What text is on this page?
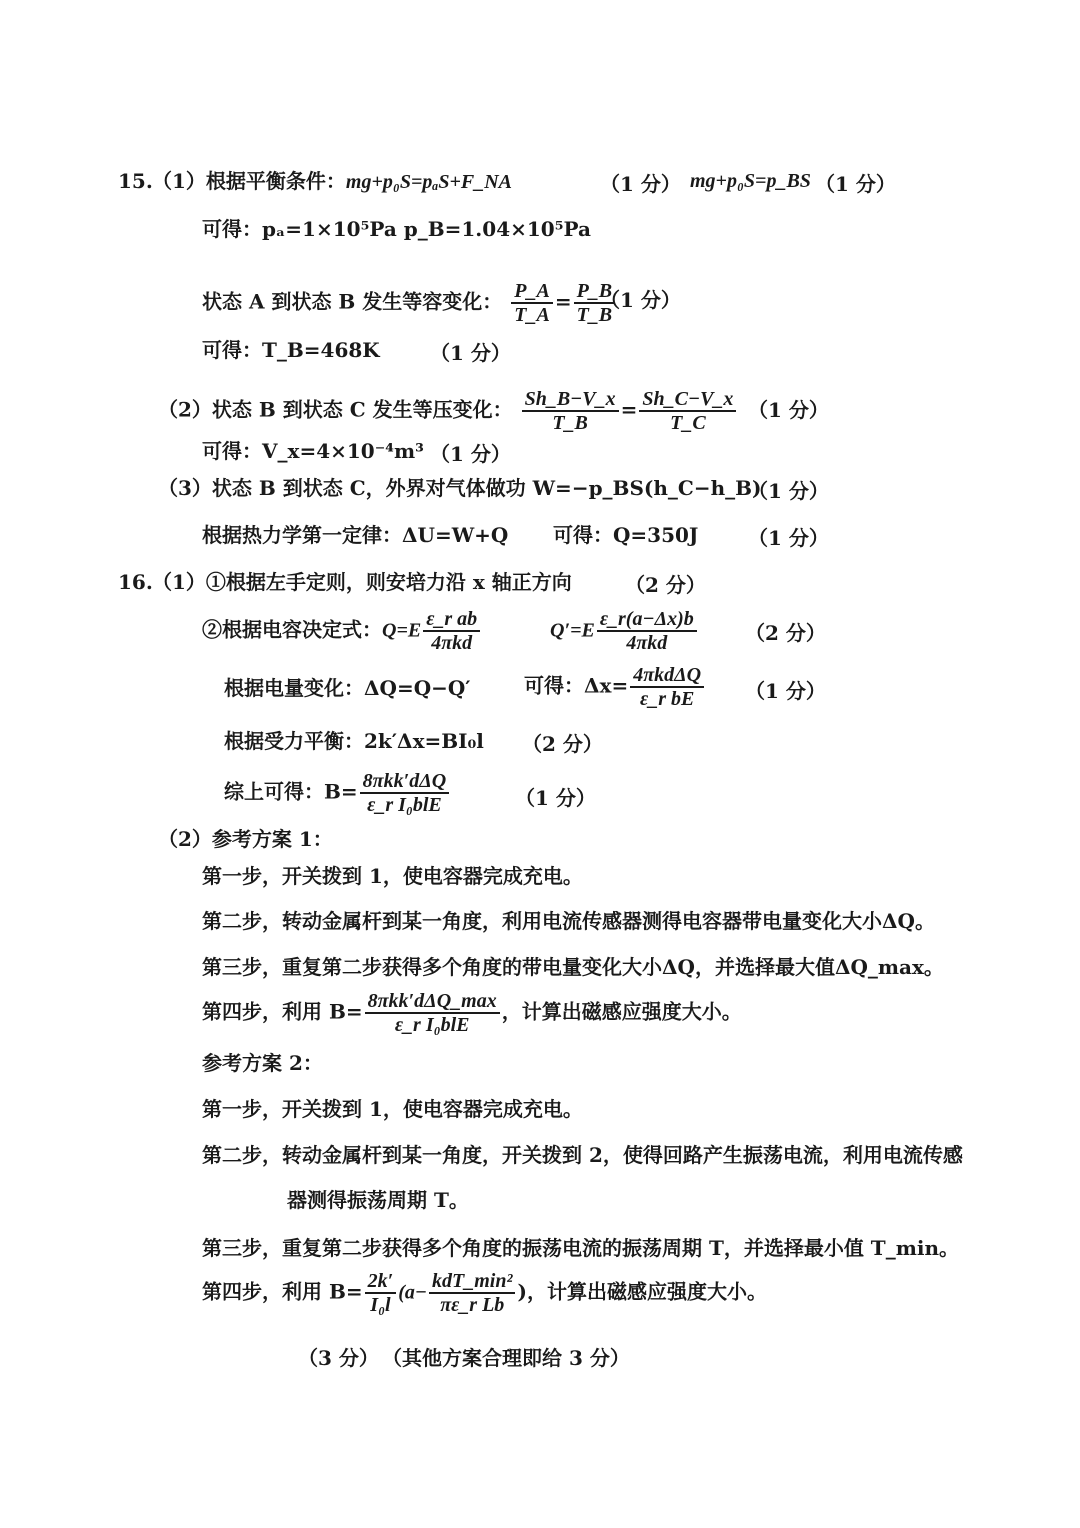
15. （1）根据平衡条件：mg+p₀S=pₐS+F_NA	（1 分） mg+p₀S=p_BS （1 分）
可得：pₐ=1×10⁵Pa p_B=1.04×10⁵Pa
状态 A 到状态 B 发生等容变化： $\frac{P\_A}{T\_A} = \frac{P\_B}{T\_B}$
（1 分）
可得：T_B=468K	（1 分）
（2）状态 B 到状态 C 发生等压变化： $\frac{Sh\_B-V\_x}{T\_B} = \frac{Sh\_C-V\_x}{T\_C} (1$ 分）
可得：V_x=4×10⁻⁴m³ （1 分）
（3）状态 B 到状态 C，外界对气体做功 W=−p_BS(h_C−h_B)
（1 分）
根据热力学第一定律：ΔU=W+Q 可得：Q=350J （1 分）
16. （1）①根据左手定则，则安培力沿 x 轴正方向	（2 分）
②根据电容决定式：$Q=E \frac{\text{ε\_r ab}}{\text{4πkd}}$	$Q'=E \frac{\varepsilon\_r(a-\Delta x)b}{\text{4πkd}} (2$ 分）
根据电量变化：ΔQ=Q−Q′	可得：$\Delta x= \frac{\text{4πkdΔQ}}{\text{ε\_r bE}} (1$ 分）
根据受力平衡：2k′Δx=BI₀l （2 分）
综上可得：$B= \frac{\text{8πkk′dΔQ}}{\text{ε\_r I₀blE}}$	（1 分）
（2）参考方案 1：
第一步，开关拨到 1，使电容器完成充电。
第二步，转动金属杆到某一角度，利用电流传感器测得电容器带电量变化大小ΔQ。
第三步，重复第二步获得多个角度的带电量变化大小ΔQ，并选择最大值ΔQ_max。
第四步，利用 $B= \frac{\text{8πkk′dΔQ\_max}}{\text{ε\_r I₀blE}}$ ，计算出磁感应强度大小。
参考方案 2：
第一步，开关拨到 1，使电容器完成充电。
第二步，转动金属杆到某一角度，开关拨到 2，使得回路产生振荡电流，利用电流传感
器测得振荡周期 T。
第三步，重复第二步获得多个角度的振荡电流的振荡周期 T，并选择最小值 T_min。
第四步，利用 $B= \frac{2k'}{\text{I₀l}} (a- \frac{\text{kdT\_min²}}{\text{πε\_r Lb}}$ )，计算出磁感应强度大小。
（3 分） （其他方案合理即给 3 分）
